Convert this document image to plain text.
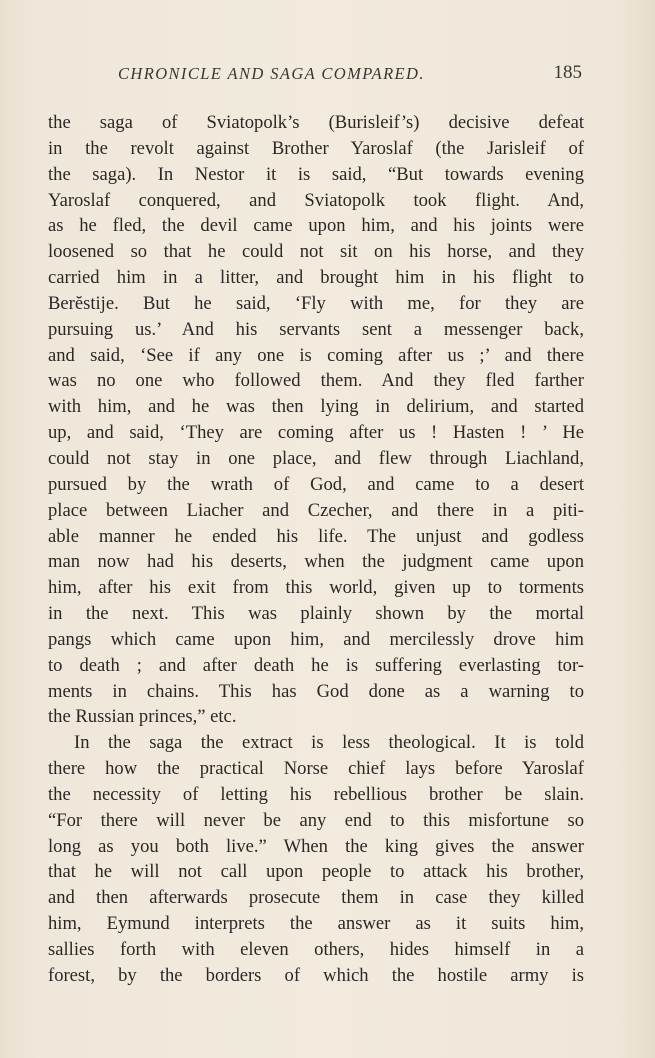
CHRONICLE AND SAGA COMPARED.	185
the saga of Sviatopolk’s (Burisleif’s) decisive defeat
in the revolt against Brother Yaroslaf (the Jarisleif of
the saga). In Nestor it is said, “But towards evening
Yaroslaf conquered, and Sviatopolk took flight. And,
as he fled, the devil came upon him, and his joints were
loosened so that he could not sit on his horse, and they
carried him in a litter, and brought him in his flight to
Berĕstije. But he said, ‘Fly with me, for they are
pursuing us.’ And his servants sent a messenger back,
and said, ‘See if any one is coming after us ;’ and there
was no one who followed them. And they fled farther
with him, and he was then lying in delirium, and started
up, and said, ‘They are coming after us ! Hasten ! ’ He
could not stay in one place, and flew through Liachland,
pursued by the wrath of God, and came to a desert
place between Liacher and Czecher, and there in a piti-
able manner he ended his life. The unjust and godless
man now had his deserts, when the judgment came upon
him, after his exit from this world, given up to torments
in the next. This was plainly shown by the mortal
pangs which came upon him, and mercilessly drove him
to death ; and after death he is suffering everlasting tor-
ments in chains. This has God done as a warning to
the Russian princes,” etc.
In the saga the extract is less theological. It is told
there how the practical Norse chief lays before Yaroslaf
the necessity of letting his rebellious brother be slain.
“For there will never be any end to this misfortune so
long as you both live.” When the king gives the answer
that he will not call upon people to attack his brother,
and then afterwards prosecute them in case they killed
him, Eymund interprets the answer as it suits him,
sallies forth with eleven others, hides himself in a
forest, by the borders of which the hostile army is
